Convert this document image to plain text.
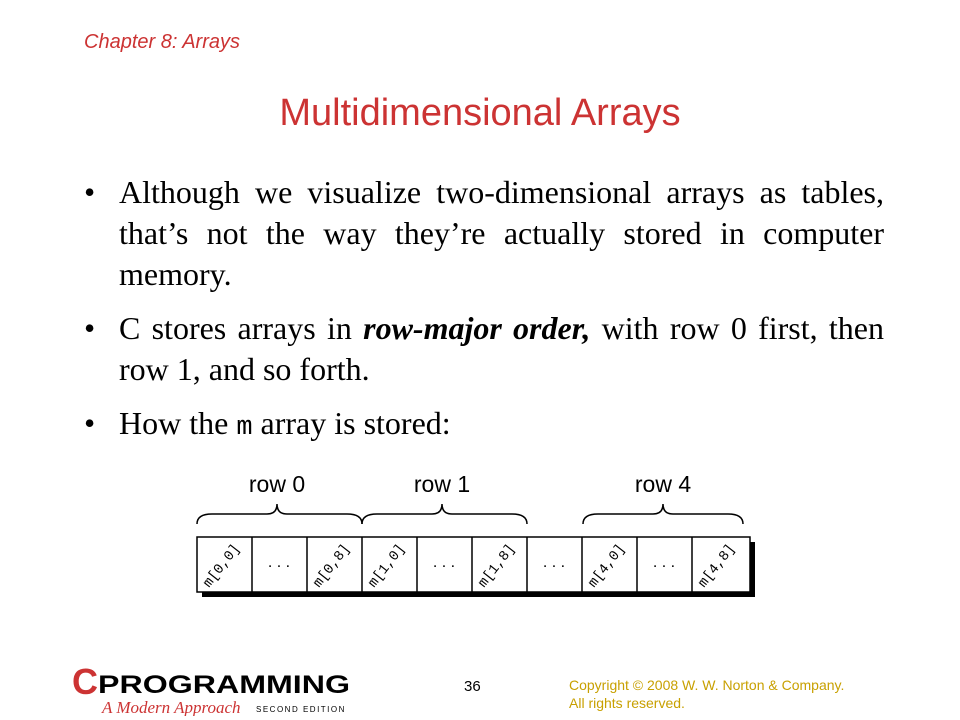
Chapter 8: Arrays
Multidimensional Arrays
• Although we visualize two-dimensional arrays as tables, that’s not the way they’re actually stored in computer memory.
• C stores arrays in row-major order, with row 0 first, then row 1, and so forth.
• How the m array is stored:
row 0	row 1	row 4
m[0,0] . . . m[0,8] m[1,0] . . . m[1,8] . . . m[4,0] . . . m[4,8]
C PROGRAMMING
A Modern Approach SECOND EDITION
36	Copyright © 2008 W. W. Norton & Company.
All rights reserved.
